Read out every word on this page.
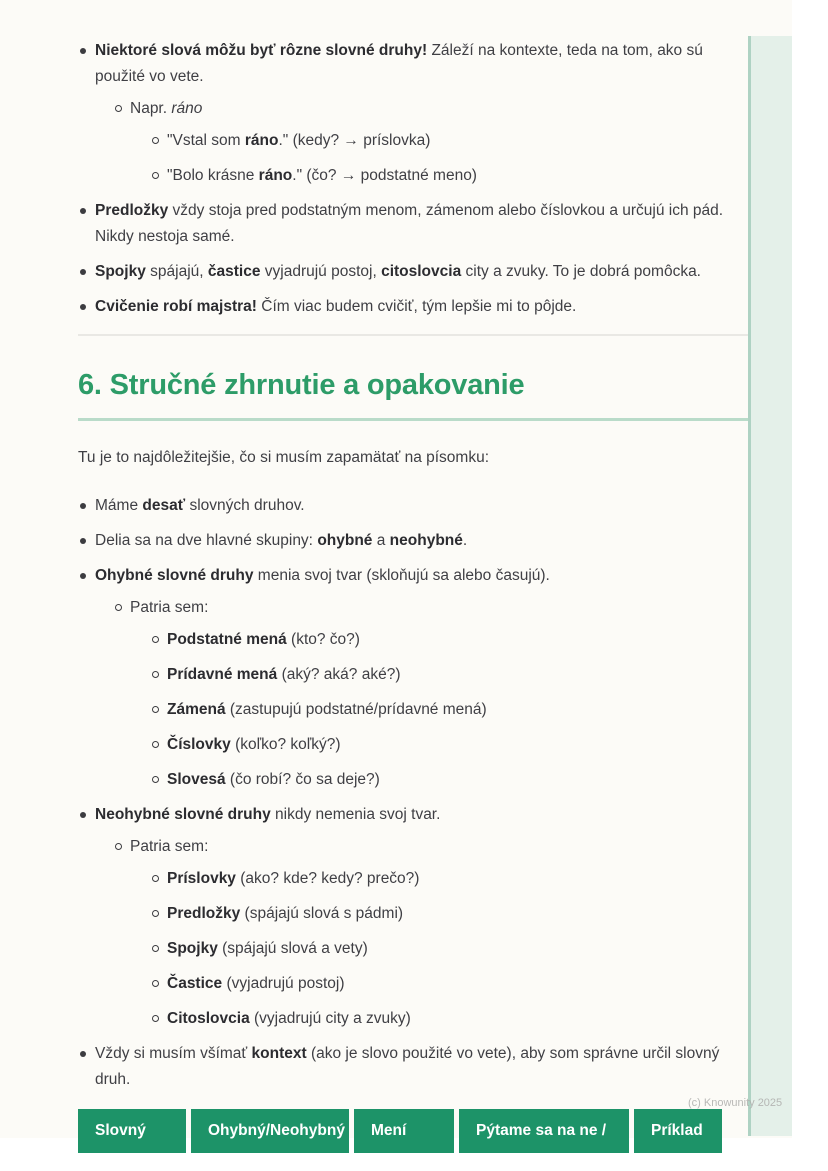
Niektoré slová môžu byť rôzne slovné druhy! Záleží na kontexte, teda na tom, ako sú použité vo vete.
Napr. ráno
"Vstal som ráno." (kedy? → príslovka)
"Bolo krásne ráno." (čo? → podstatné meno)
Predložky vždy stoja pred podstatným menom, zámenom alebo číslovkou a určujú ich pád. Nikdy nestoja samé.
Spojky spájajú, častice vyjadrujú postoj, citoslovcia city a zvuky. To je dobrá pomôcka.
Cvičenie robí majstra! Čím viac budem cvičiť, tým lepšie mi to pôjde.
6. Stručné zhrnutie a opakovanie

Tu je to najdôležitejšie, čo si musím zapamätať na písomku:

Máme desať slovných druhov.
Delia sa na dve hlavné skupiny: ohybné a neohybné.
Ohybné slovné druhy menia svoj tvar (skloňujú sa alebo časujú).
Patria sem:
Podstatné mená (kto? čo?)
Prídavné mená (aký? aká? aké?)
Zámená (zastupujú podstatné/prídavné mená)
Číslovky (koľko? koľký?)
Slovesá (čo robí? čo sa deje?)
Neohybné slovné druhy nikdy nemenia svoj tvar.
Patria sem:
Príslovky (ako? kde? kedy? prečo?)
Predložky (spájajú slová s pádmi)
Spojky (spájajú slová a vety)
Častice (vyjadrujú postoj)
Citoslovcia (vyjadrujú city a zvuky)
Vždy si musím všímať kontext (ako je slovo použité vo vete), aby som správne určil slovný druh.
Slovný	Ohybný/Neohybný	Mení	Pýtame sa na ne /	Príklad
(c) Knowunity 2025
